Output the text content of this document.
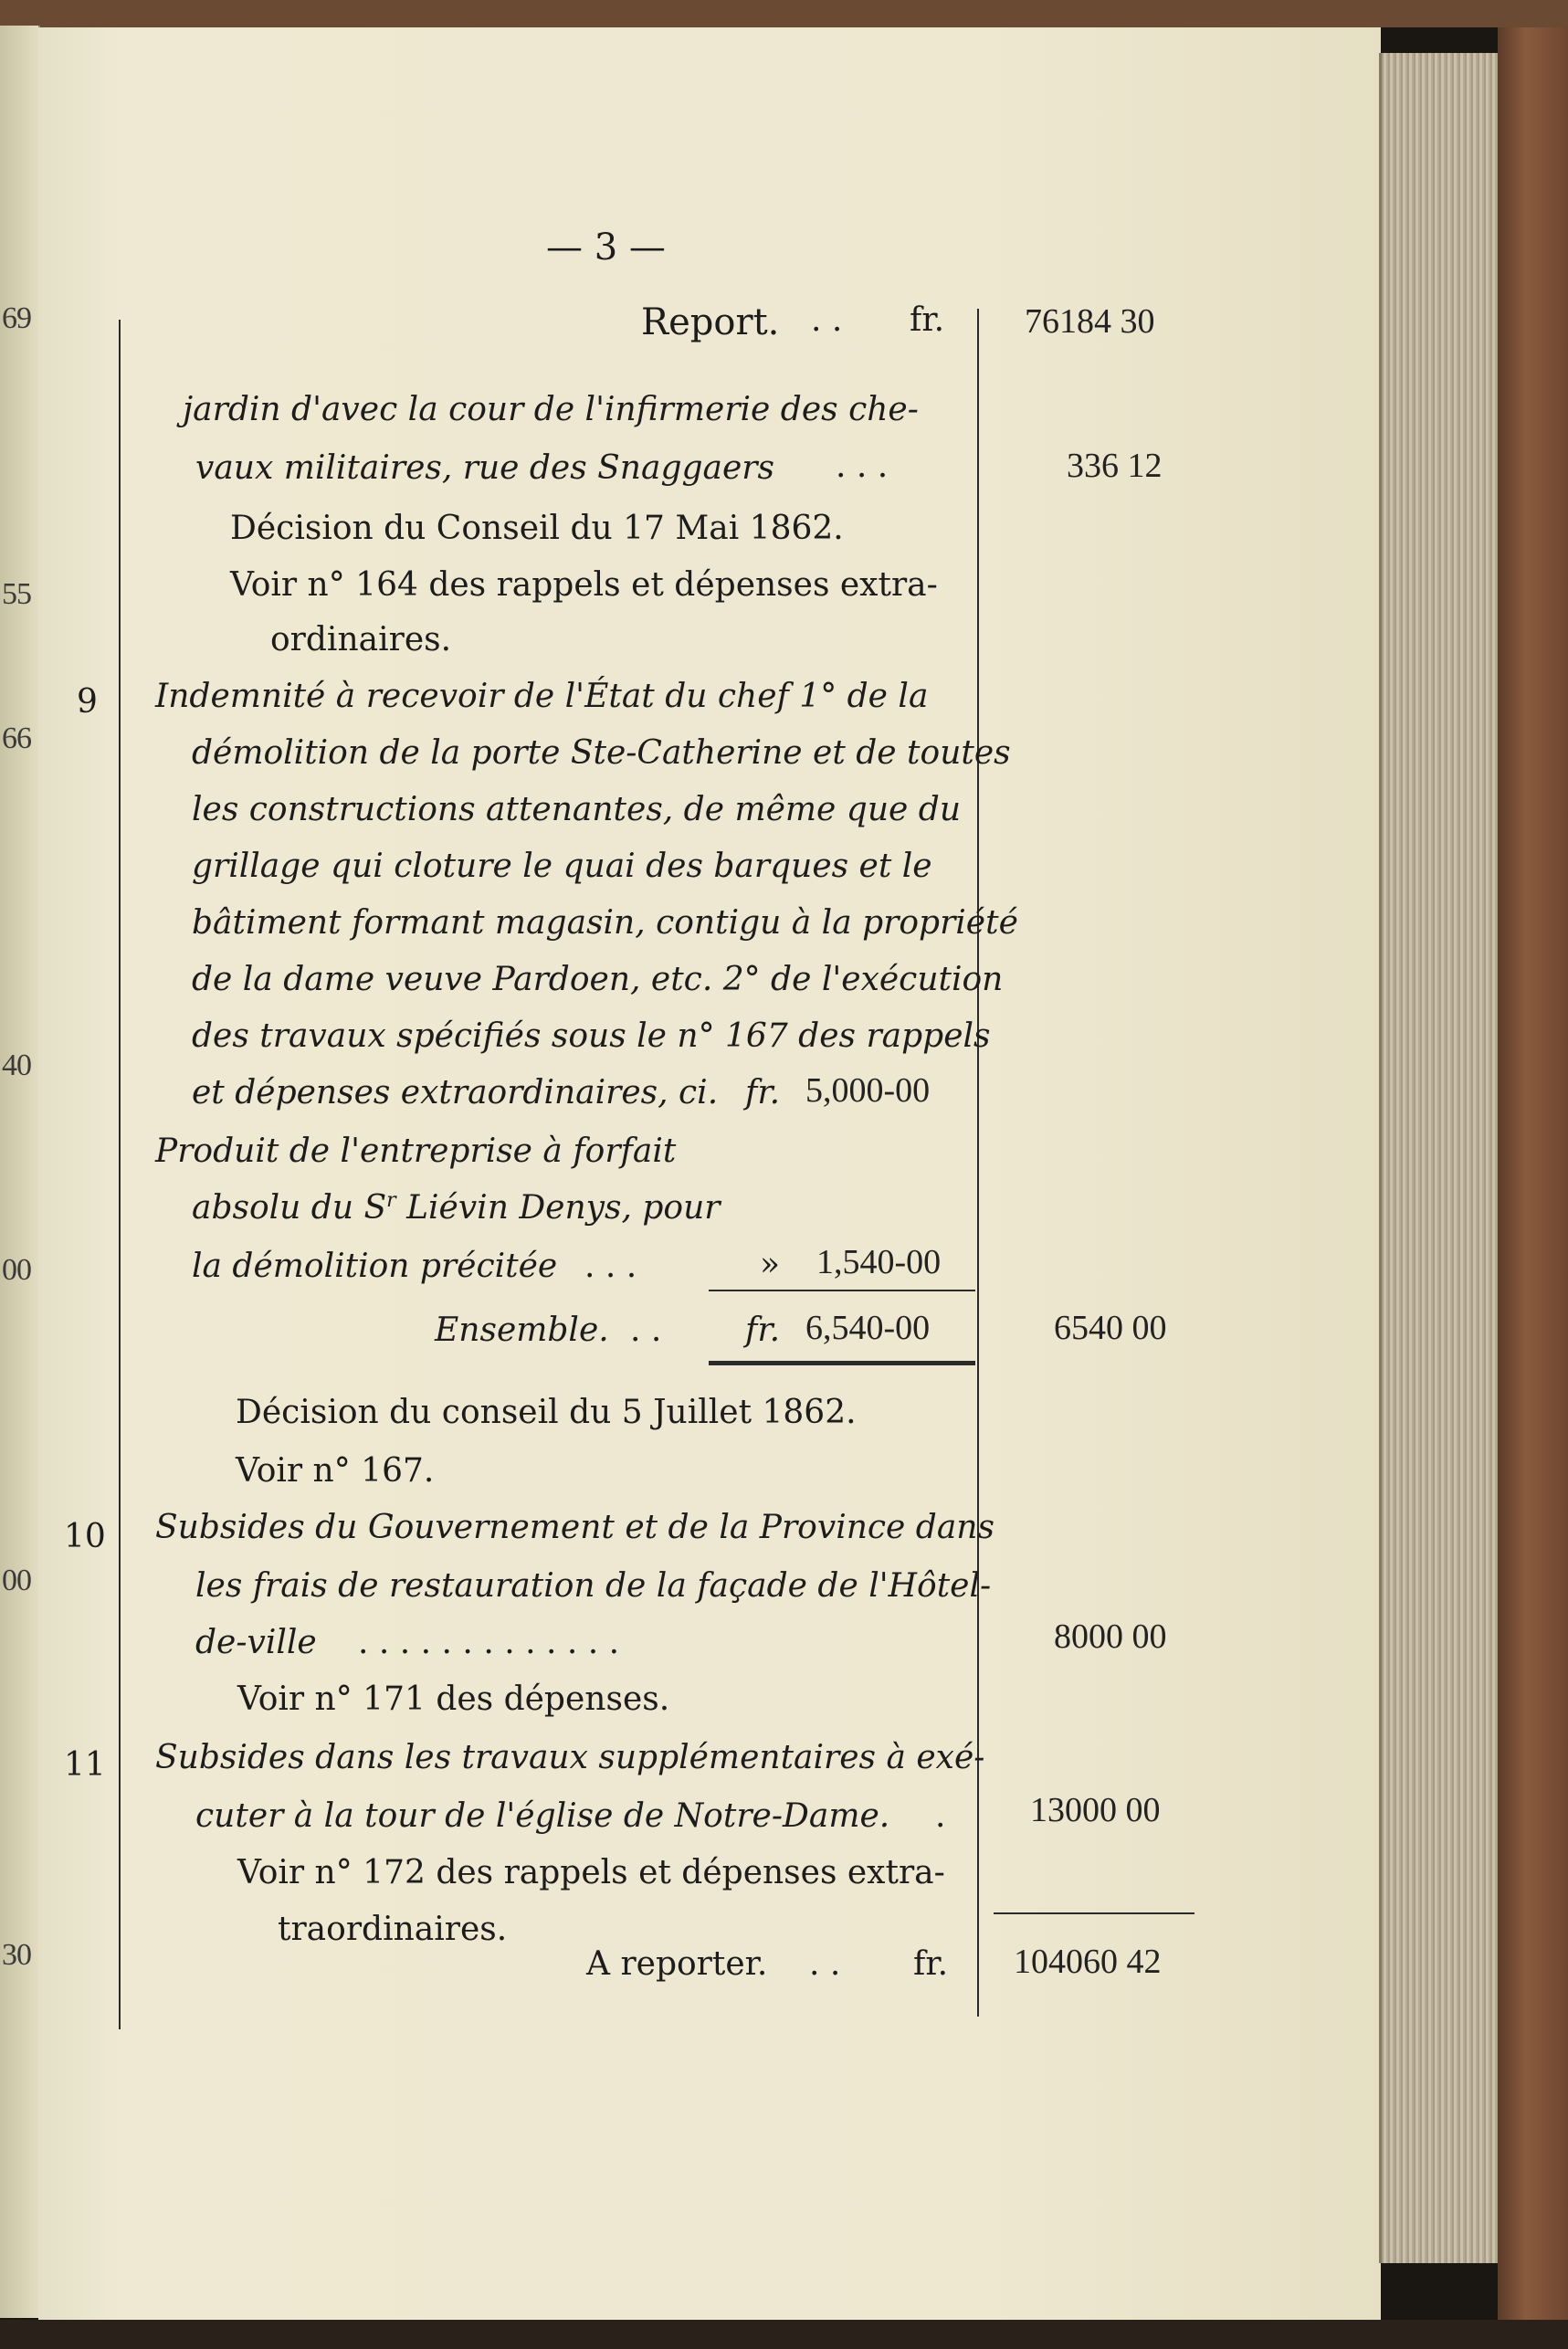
69
55
66
40
00
00
30
— 3 —
Report. . . fr. 76184 30
jardin d'avec la cour de l'infirmerie des che-
vaux militaires, rue des Snaggaers . . .	336 12
Décision du Conseil du 17 Mai 1862.
Voir n° 164 des rappels et dépenses extra-
ordinaires.
9 Indemnité à recevoir de l'État du chef 1° de la
démolition de la porte Ste-Catherine et de toutes
les constructions attenantes, de même que du
grillage qui cloture le quai des barques et le
bâtiment formant magasin, contigu à la propriété
de la dame veuve Pardoen, etc. 2° de l'exécution
des travaux spécifiés sous le n° 167 des rappels
et dépenses extraordinaires, ci. fr. 5,000-00
Produit de l'entreprise à forfait
absolu du $S^r$ Liévin Denys, pour
la démolition précitée . . .	» 1,540-00
Ensemble. . .	fr. 6,540-00	6540 00
Décision du conseil du 5 Juillet 1862.
Voir n° 167.
10 Subsides du Gouvernement et de la Province dans
les frais de restauration de la façade de l'Hôtel-
de-ville . . . . . . . . . . . . .	8000 00
Voir n° 171 des dépenses.
11 Subsides dans les travaux supplémentaires à exé-
cuter à la tour de l'église de Notre-Dame. . 13000 00
Voir n° 172 des rappels et dépenses extra-
traordinaires.
A reporter. . . fr. 104060 42
